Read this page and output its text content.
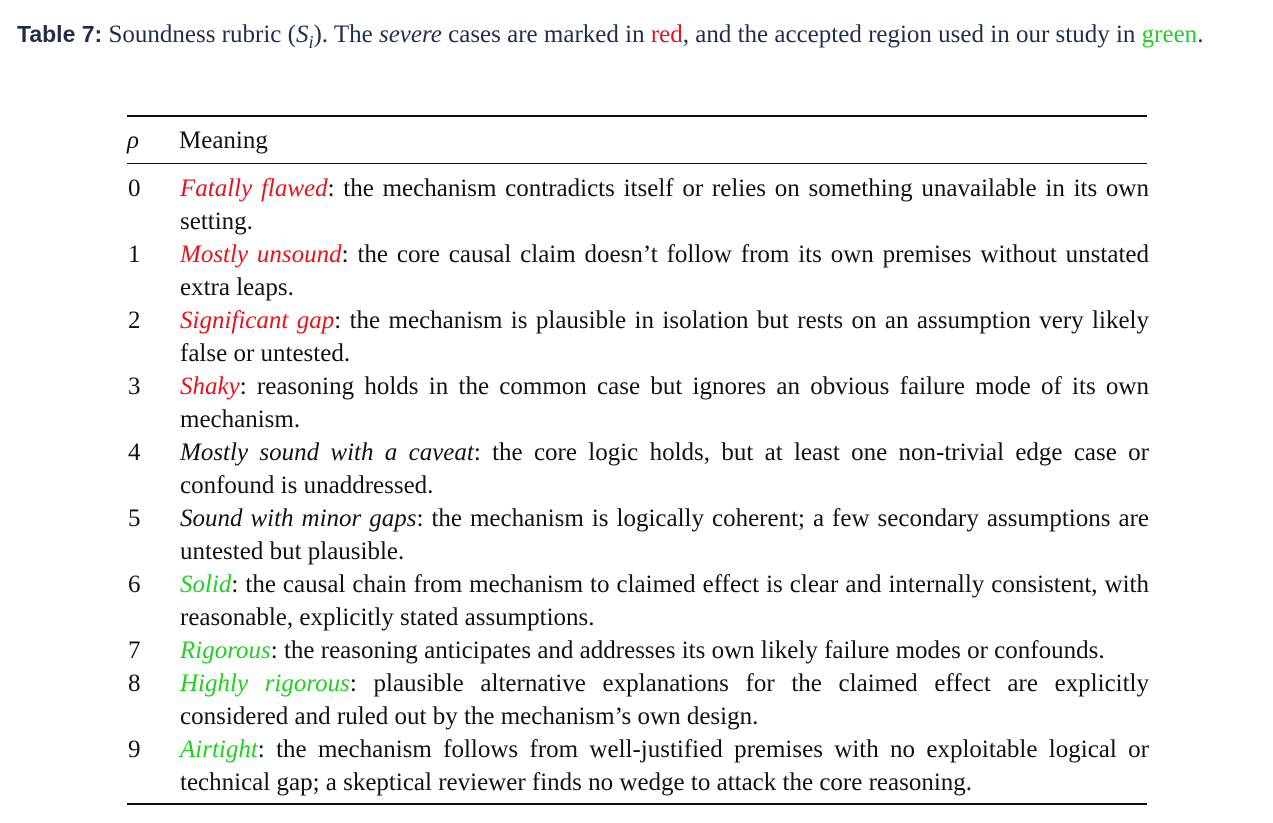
Table 7: Soundness rubric $(S_i)$. The severe cases are marked in red, and the accepted region used in our study in green.
ρ Meaning
0	Fatally flawed: the mechanism contradicts itself or relies on something unavailable in its own setting.
1	Mostly unsound: the core causal claim doesn’t follow from its own premises without unstated extra leaps.
2	Significant gap: the mechanism is plausible in isolation but rests on an assumption very likely false or untested.
3	Shaky: reasoning holds in the common case but ignores an obvious failure mode of its own mechanism.
4	Mostly sound with a caveat: the core logic holds, but at least one non-trivial edge case or confound is unaddressed.
5	Sound with minor gaps: the mechanism is logically coherent; a few secondary assumptions are untested but plausible.
6	Solid: the causal chain from mechanism to claimed effect is clear and internally consistent, with reasonable, explicitly stated assumptions.
7	Rigorous: the reasoning anticipates and addresses its own likely failure modes or confounds.
8	Highly rigorous: plausible alternative explanations for the claimed effect are explicitly considered and ruled out by the mechanism’s own design.
9	Airtight: the mechanism follows from well-justified premises with no exploitable logical or technical gap; a skeptical reviewer finds no wedge to attack the core reasoning.
